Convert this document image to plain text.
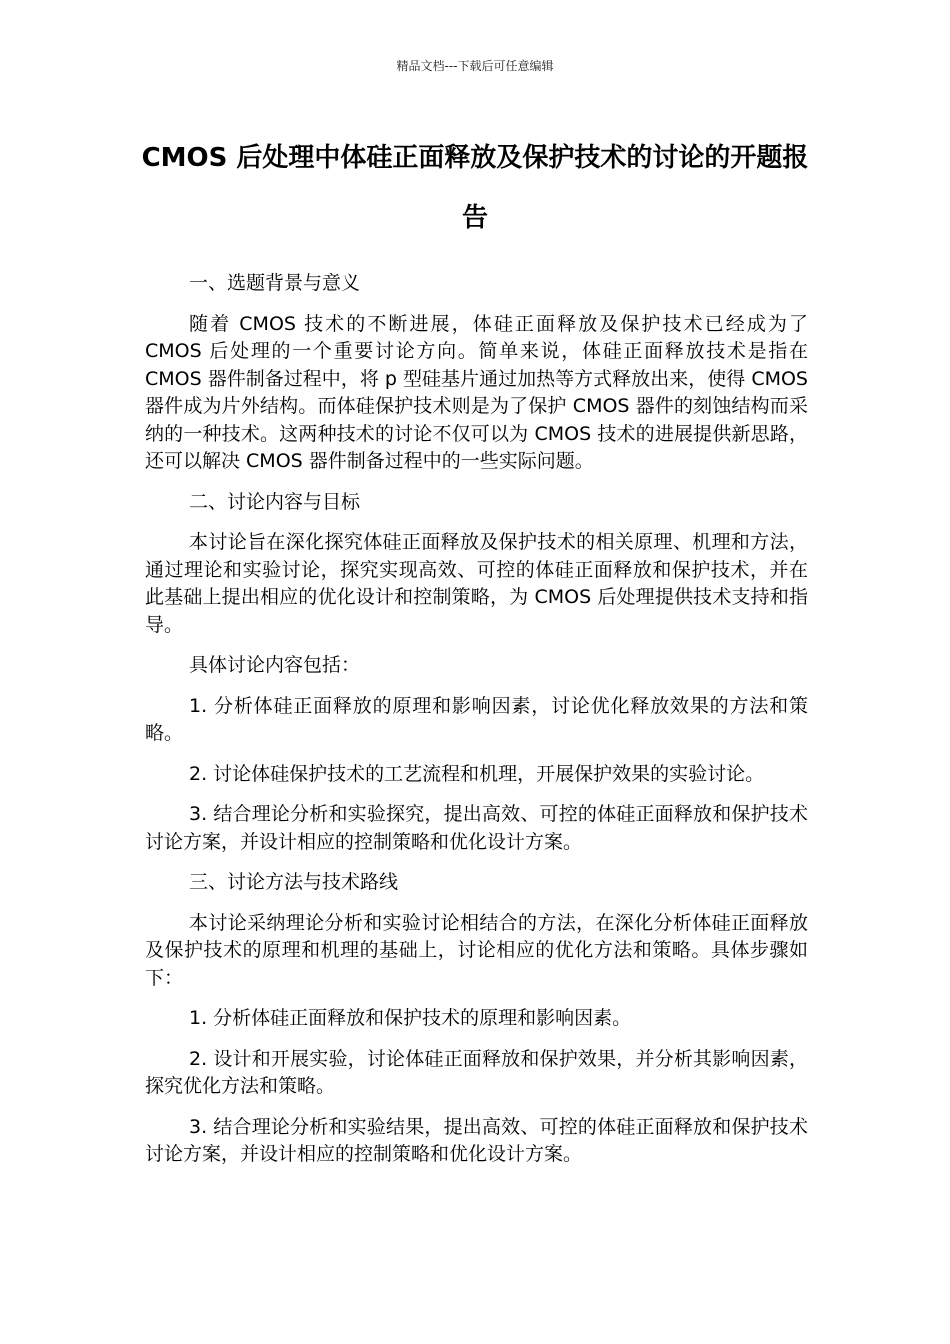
精品文档---下载后可任意编辑
CMOS 后处理中体硅正面释放及保护技术的讨论的开题报告
一、选题背景与意义
随着 CMOS 技术的不断进展，体硅正面释放及保护技术已经成为了 CMOS 后处理的一个重要讨论方向。简单来说，体硅正面释放技术是指在 CMOS 器件制备过程中，将 p 型硅基片通过加热等方式释放出来，使得 CMOS 器件成为片外结构。而体硅保护技术则是为了保护 CMOS 器件的刻蚀结构而采纳的一种技术。这两种技术的讨论不仅可以为 CMOS 技术的进展提供新思路，还可以解决 CMOS 器件制备过程中的一些实际问题。
二、讨论内容与目标
本讨论旨在深化探究体硅正面释放及保护技术的相关原理、机理和方法，通过理论和实验讨论，探究实现高效、可控的体硅正面释放和保护技术，并在此基础上提出相应的优化设计和控制策略，为 CMOS 后处理提供技术支持和指导。
具体讨论内容包括：
1. 分析体硅正面释放的原理和影响因素，讨论优化释放效果的方法和策略。
2. 讨论体硅保护技术的工艺流程和机理，开展保护效果的实验讨论。
3. 结合理论分析和实验探究，提出高效、可控的体硅正面释放和保护技术讨论方案，并设计相应的控制策略和优化设计方案。
三、讨论方法与技术路线
本讨论采纳理论分析和实验讨论相结合的方法，在深化分析体硅正面释放及保护技术的原理和机理的基础上，讨论相应的优化方法和策略。具体步骤如下：
1. 分析体硅正面释放和保护技术的原理和影响因素。
2. 设计和开展实验，讨论体硅正面释放和保护效果，并分析其影响因素，探究优化方法和策略。
3. 结合理论分析和实验结果，提出高效、可控的体硅正面释放和保护技术讨论方案，并设计相应的控制策略和优化设计方案。
